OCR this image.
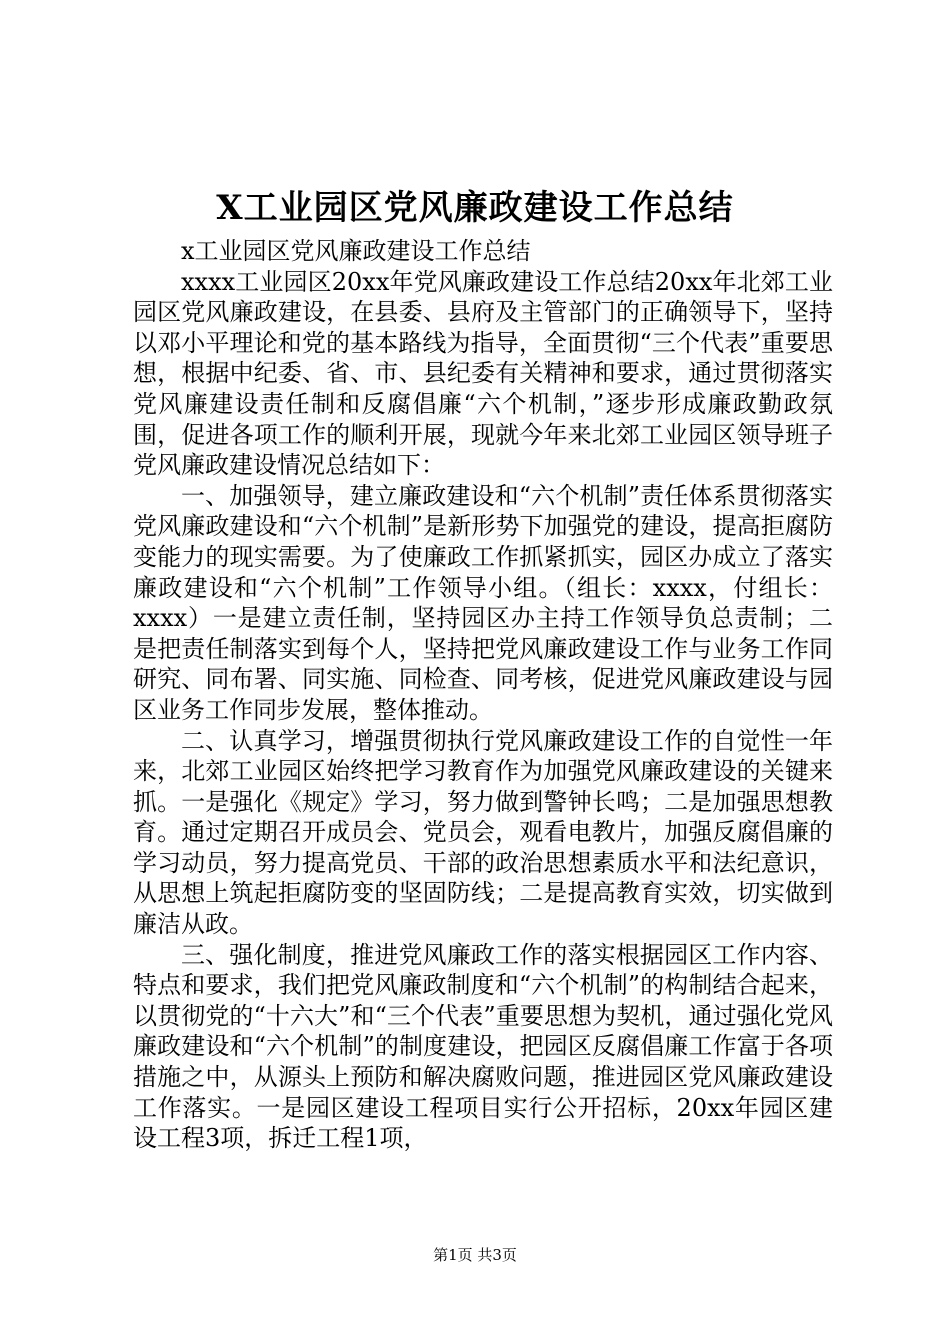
X工业园区党风廉政建设工作总结

x工业园区党风廉政建设工作总结

xxxx工业园区20xx年党风廉政建设工作总结20xx年北郊工业园区党风廉政建设，在县委、县府及主管部门的正确领导下，坚持以邓小平理论和党的基本路线为指导，全面贯彻“三个代表”重要思想，根据中纪委、省、市、县纪委有关精神和要求，通过贯彻落实党风廉建设责任制和反腐倡廉“六个机制，”逐步形成廉政勤政氛围，促进各项工作的顺利开展，现就今年来北郊工业园区领导班子党风廉政建设情况总结如下：

一、加强领导，建立廉政建设和“六个机制”责任体系贯彻落实党风廉政建设和“六个机制”是新形势下加强党的建设，提高拒腐防变能力的现实需要。为了使廉政工作抓紧抓实，园区办成立了落实廉政建设和“六个机制”工作领导小组。（组长：xxxx，付组长：xxxx）一是建立责任制，坚持园区办主持工作领导负总责制；二是把责任制落实到每个人，坚持把党风廉政建设工作与业务工作同研究、同布署、同实施、同检查、同考核，促进党风廉政建设与园区业务工作同步发展，整体推动。

二、认真学习，增强贯彻执行党风廉政建设工作的自觉性一年来，北郊工业园区始终把学习教育作为加强党风廉政建设的关键来抓。一是强化《规定》学习，努力做到警钟长鸣；二是加强思想教育。通过定期召开成员会、党员会，观看电教片，加强反腐倡廉的学习动员，努力提高党员、干部的政治思想素质水平和法纪意识，从思想上筑起拒腐防变的坚固防线；二是提高教育实效，切实做到廉洁从政。

三、强化制度，推进党风廉政工作的落实根据园区工作内容、特点和要求，我们把党风廉政制度和“六个机制”的构制结合起来，以贯彻党的“十六大”和“三个代表”重要思想为契机，通过强化党风廉政建设和“六个机制”的制度建设，把园区反腐倡廉工作富于各项措施之中，从源头上预防和解决腐败问题，推进园区党风廉政建设工作落实。一是园区建设工程项目实行公开招标，20xx年园区建设工程3项，拆迁工程1项，

第1页 共3页
